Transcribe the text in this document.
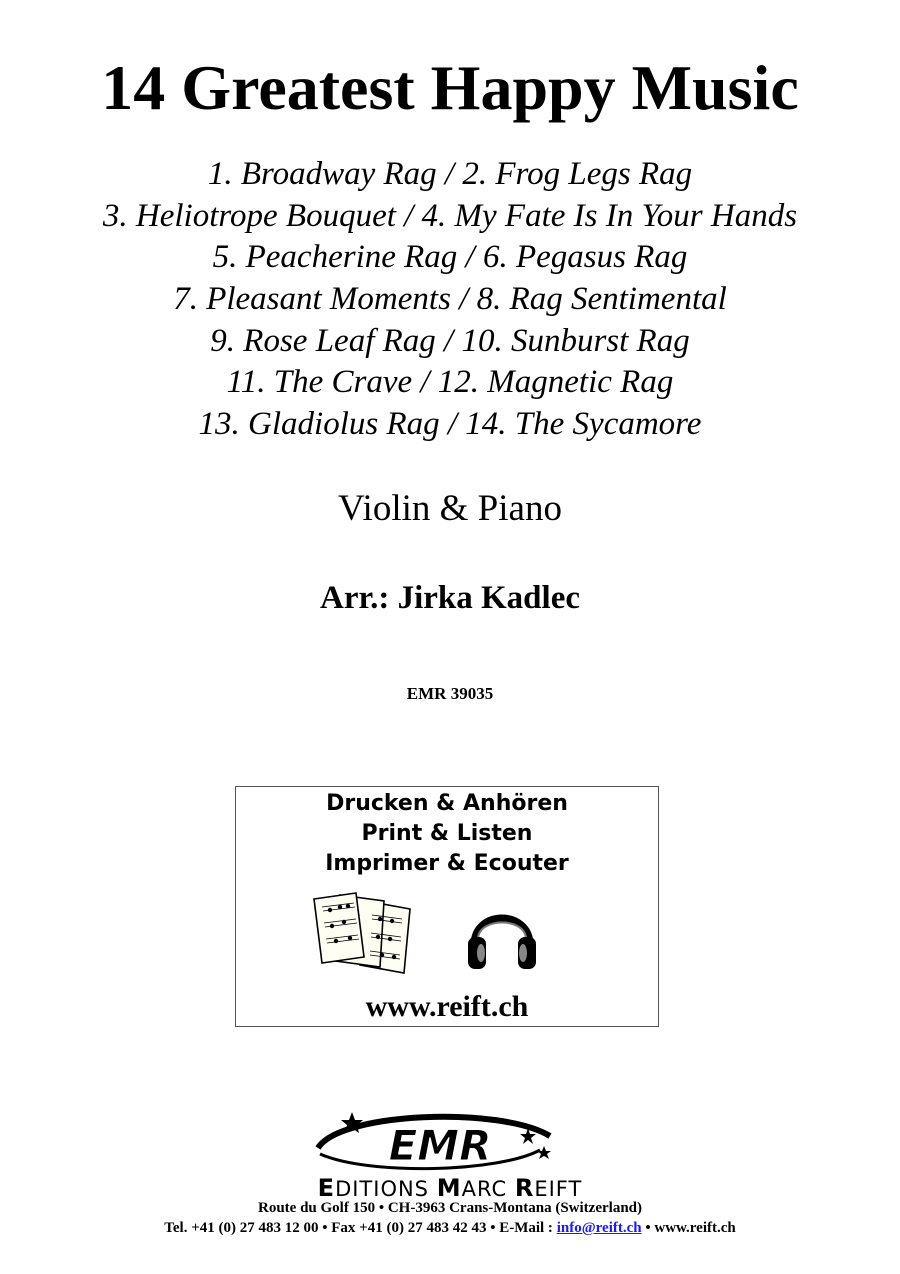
14 Greatest Happy Music
1. Broadway Rag / 2. Frog Legs Rag
3. Heliotrope Bouquet / 4. My Fate Is In Your Hands
5. Peacherine Rag / 6. Pegasus Rag
7. Pleasant Moments / 8. Rag Sentimental
9. Rose Leaf Rag / 10. Sunburst Rag
11. The Crave / 12. Magnetic Rag
13. Gladiolus Rag / 14. The Sycamore
Violin & Piano
Arr.: Jirka Kadlec
EMR 39035
Drucken & Anhören
Print & Listen
Imprimer & Ecouter
www.reift.ch
EMR
EDITIONS MARC REIFT
Route du Golf 150 • CH-3963 Crans-Montana (Switzerland)
Tel. +41 (0) 27 483 12 00 • Fax +41 (0) 27 483 42 43 • E-Mail : info@reift.ch • www.reift.ch
